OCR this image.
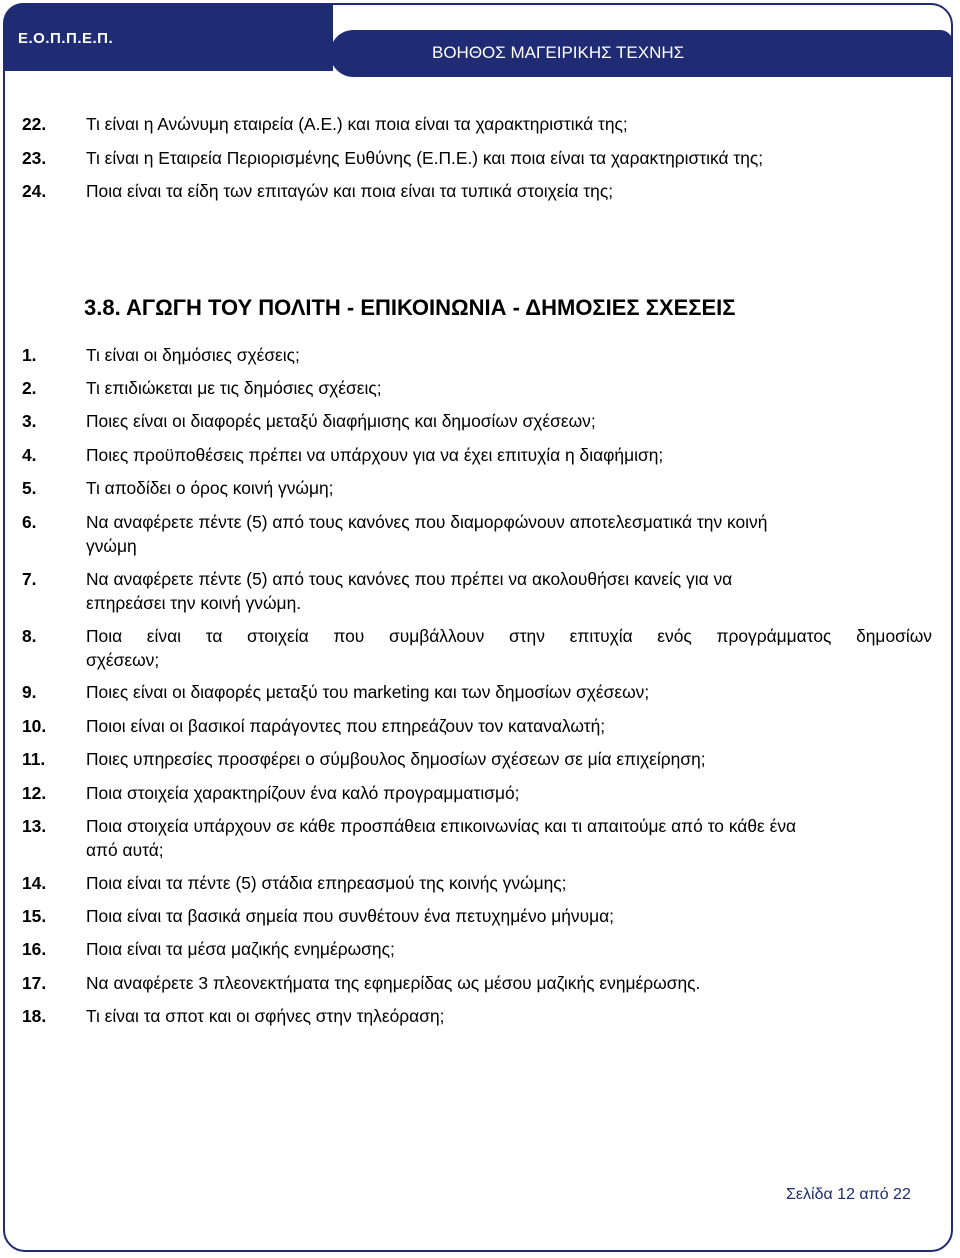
Ε.Ο.Π.Π.Ε.Π.
ΒΟΗΘΟΣ ΜΑΓΕΙΡΙΚΗΣ ΤΕΧΝΗΣ
22. Τι είναι η Ανώνυμη εταιρεία (Α.Ε.) και ποια είναι τα χαρακτηριστικά της;
23. Τι είναι η Εταιρεία Περιορισμένης Ευθύνης (Ε.Π.Ε.) και ποια είναι τα χαρακτηριστικά της;
24. Ποια είναι τα είδη των επιταγών και ποια είναι τα τυπικά στοιχεία της;
3.8. ΑΓΩΓΗ ΤΟΥ ΠΟΛΙΤΗ - ΕΠΙΚΟΙΝΩΝΙΑ - ΔΗΜΟΣΙΕΣ ΣΧΕΣΕΙΣ
1.	Τι είναι οι δημόσιες σχέσεις;
2.	Τι επιδιώκεται με τις δημόσιες σχέσεις;
3.	Ποιες είναι οι διαφορές μεταξύ διαφήμισης και δημοσίων σχέσεων;
4.	Ποιες προϋποθέσεις πρέπει να υπάρχουν για να έχει επιτυχία η διαφήμιση;
5.	Τι αποδίδει ο όρος κοινή γνώμη;
6.	Να αναφέρετε πέντε (5) από τους κανόνες που διαμορφώνουν αποτελεσματικά την κοινή
γνώμη
7.	Να αναφέρετε πέντε (5) από τους κανόνες που πρέπει να ακολουθήσει κανείς για να
επηρεάσει την κοινή γνώμη.
8.	Ποια είναι τα στοιχεία που συμβάλλουν στην επιτυχία ενός προγράμματος δημοσίων
σχέσεων;
9.	Ποιες είναι οι διαφορές μεταξύ του marketing και των δημοσίων σχέσεων;
10. Ποιοι είναι οι βασικοί παράγοντες που επηρεάζουν τον καταναλωτή;
11. Ποιες υπηρεσίες προσφέρει ο σύμβουλος δημοσίων σχέσεων σε μία επιχείρηση;
12. Ποια στοιχεία χαρακτηρίζουν ένα καλό προγραμματισμό;
13. Ποια στοιχεία υπάρχουν σε κάθε προσπάθεια επικοινωνίας και τι απαιτούμε από το κάθε ένα
από αυτά;
14. Ποια είναι τα πέντε (5) στάδια επηρεασμού της κοινής γνώμης;
15. Ποια είναι τα βασικά σημεία που συνθέτουν ένα πετυχημένο μήνυμα;
16. Ποια είναι τα μέσα μαζικής ενημέρωσης;
17. Να αναφέρετε 3 πλεονεκτήματα της εφημερίδας ως μέσου μαζικής ενημέρωσης.
18. Τι είναι τα σποτ και οι σφήνες στην τηλεόραση;
Σελίδα 12 από 22
